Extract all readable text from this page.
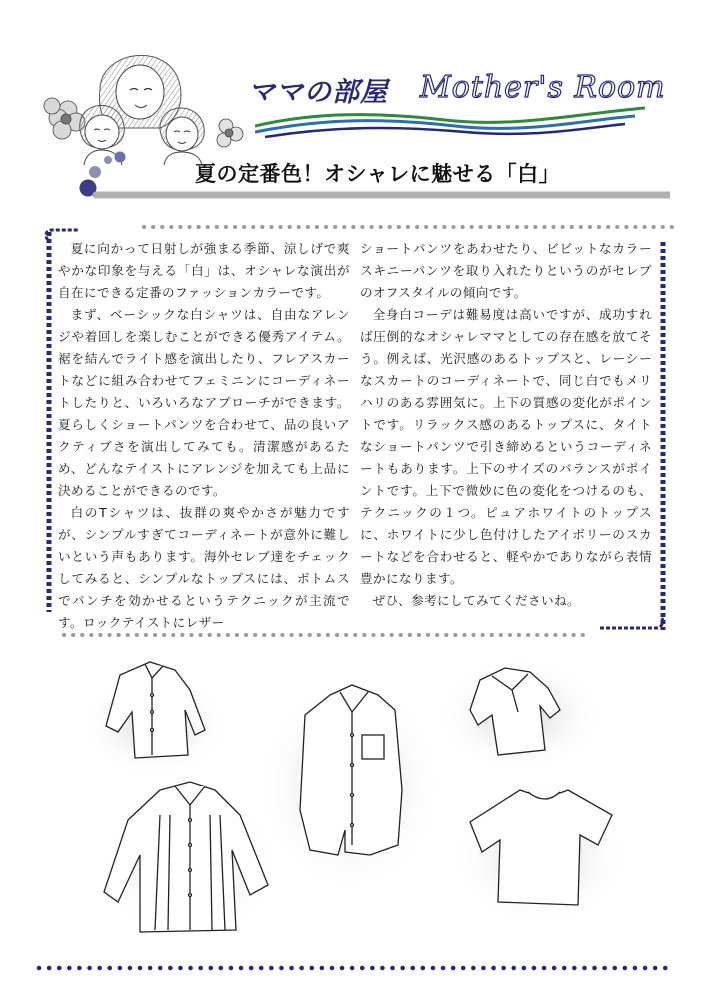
ママの部屋 Mother's Room
夏の定番色！オシャレに魅せる「白」

夏に向かって日射しが強まる季節、涼しげで爽やかな印象を与える「白」は、オシャレな演出が自在にできる定番のファッションカラーです。

まず、ベーシックな白シャツは、自由なアレンジや着回しを楽しむことができる優秀アイテム。裾を結んでライト感を演出したり、フレアスカートなどに組み合わせてフェミニンにコーディネートしたりと、いろいろなアプローチができます。夏らしくショートパンツを合わせて、品の良いアクティブさを演出してみても。清潔感があるため、どんなテイストにアレンジを加えても上品に決めることができるのです。

白のTシャツは、抜群の爽やかさが魅力ですが、シンプルすぎてコーディネートが意外に難しいという声もあります。海外セレブ達をチェックしてみると、シンプルなトップスには、ボトムスでパンチを効かせるというテクニックが主流です。ロックテイストにレザー

ショートパンツをあわせたり、ビビットなカラースキニーパンツを取り入れたりというのがセレブのオフスタイルの傾向です。

全身白コーデは難易度は高いですが、成功すれば圧倒的なオシャレママとしての存在感を放てそう。例えば、光沢感のあるトップスと、レーシーなスカートのコーディネートで、同じ白でもメリハリのある雰囲気に。上下の質感の変化がポイントです。リラックス感のあるトップスに、タイトなショートパンツで引き締めるというコーディネートもあります。上下のサイズのバランスがポイントです。上下で微妙に色の変化をつけるのも、テクニックの１つ。ピュアホワイトのトップスに、ホワイトに少し色付けしたアイボリーのスカートなどを合わせると、軽やかでありながら表情豊かになります。

ぜひ、参考にしてみてくださいね。
